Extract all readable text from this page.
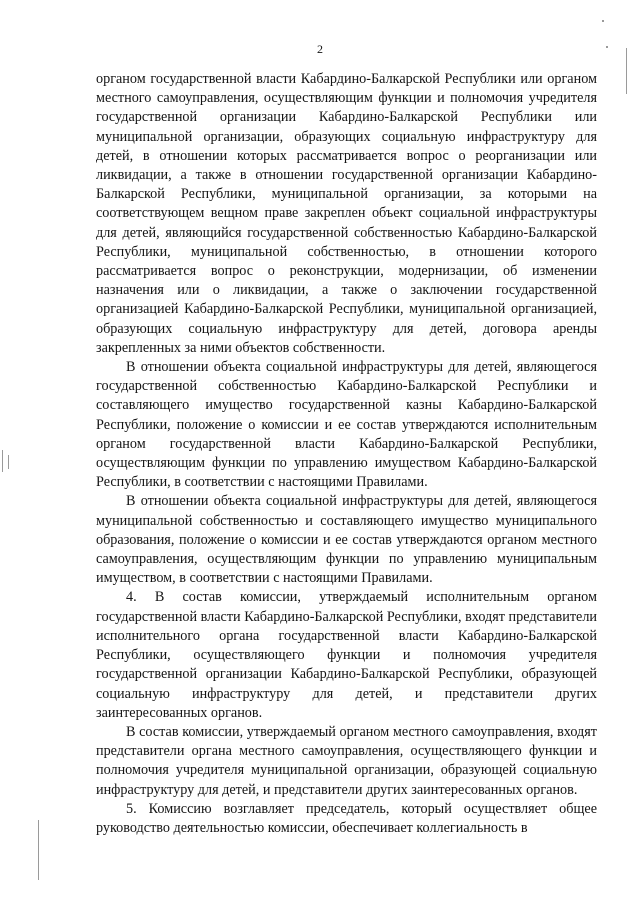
2

органом государственной власти Кабардино-Балкарской Республики или органом местного самоуправления, осуществляющим функции и полномочия учредителя государственной организации Кабардино-Балкарской Республики или муниципальной организации, образующих социальную инфраструктуру для детей, в отношении которых рассматривается вопрос о реорганизации или ликвидации, а также в отношении государственной организации Кабардино-Балкарской Республики, муниципальной организации, за которыми на соответствующем вещном праве закреплен объект социальной инфраструктуры для детей, являющийся государственной собственностью Кабардино-Балкарской Республики, муниципальной собственностью, в отношении которого рассматривается вопрос о реконструкции, модернизации, об изменении назначения или о ликвидации, а также о заключении государственной организацией Кабардино-Балкарской Республики, муниципальной организацией, образующих социальную инфраструктуру для детей, договора аренды закрепленных за ними объектов собственности.

В отношении объекта социальной инфраструктуры для детей, являющегося государственной собственностью Кабардино-Балкарской Республики и составляющего имущество государственной казны Кабардино-Балкарской Республики, положение о комиссии и ее состав утверждаются исполнительным органом государственной власти Кабардино-Балкарской Республики, осуществляющим функции по управлению имуществом Кабардино-Балкарской Республики, в соответствии с настоящими Правилами.

В отношении объекта социальной инфраструктуры для детей, являющегося муниципальной собственностью и составляющего имущество муниципального образования, положение о комиссии и ее состав утверждаются органом местного самоуправления, осуществляющим функции по управлению муниципальным имуществом, в соответствии с настоящими Правилами.

4. В состав комиссии, утверждаемый исполнительным органом государственной власти Кабардино-Балкарской Республики, входят представители исполнительного органа государственной власти Кабардино-Балкарской Республики, осуществляющего функции и полномочия учредителя государственной организации Кабардино-Балкарской Республики, образующей социальную инфраструктуру для детей, и представители других заинтересованных органов.

В состав комиссии, утверждаемый органом местного самоуправления, входят представители органа местного самоуправления, осуществляющего функции и полномочия учредителя муниципальной организации, образующей социальную инфраструктуру для детей, и представители других заинтересованных органов.

5. Комиссию возглавляет председатель, который осуществляет общее руководство деятельностью комиссии, обеспечивает коллегиальность в
